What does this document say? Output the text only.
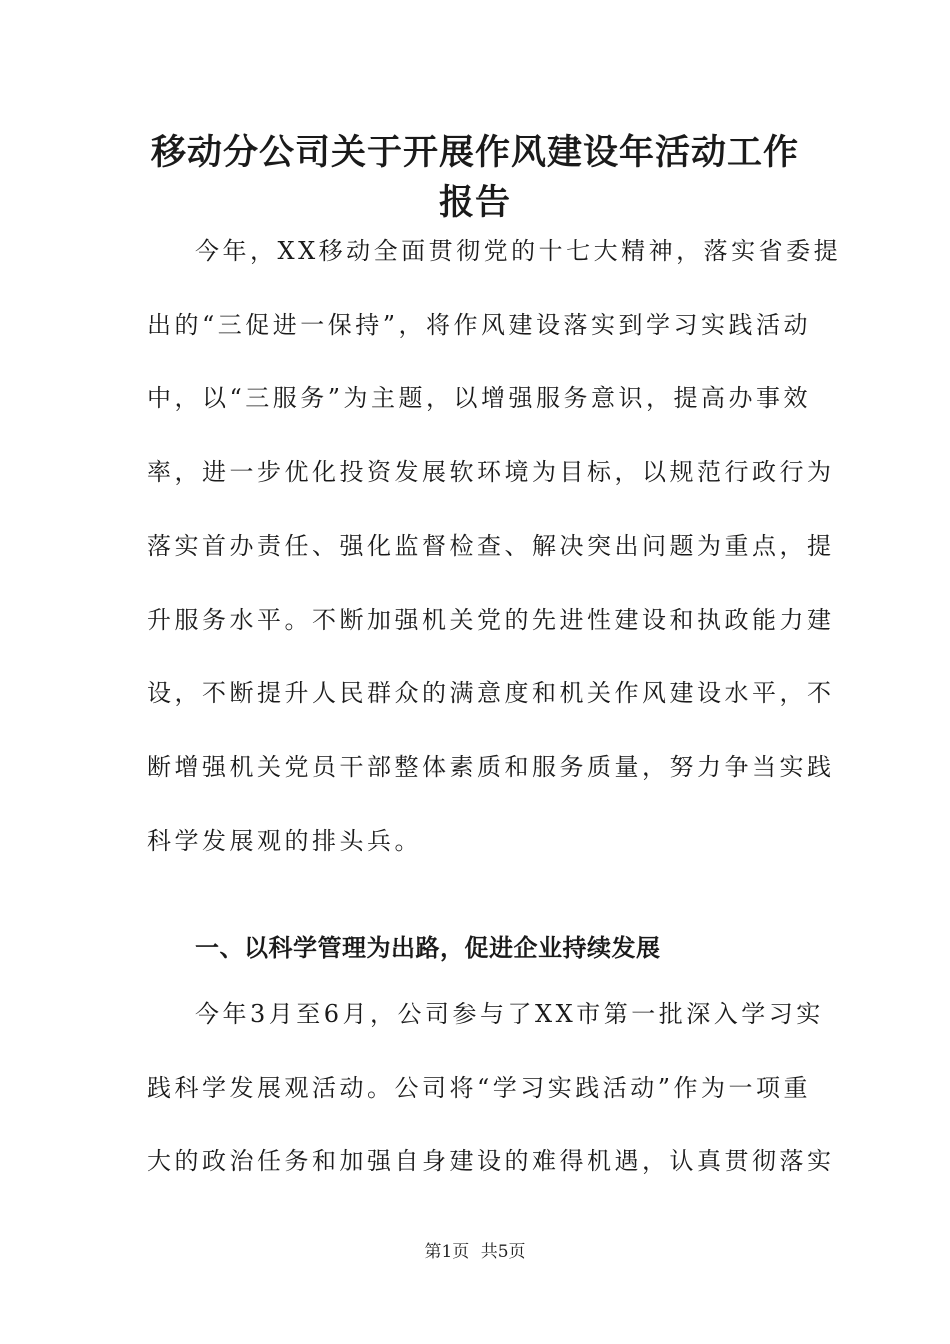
移动分公司关于开展作风建设年活动工作
报告
今年，XX移动全面贯彻党的十七大精神，落实省委提
出的“三促进一保持”，将作风建设落实到学习实践活动
中，以“三服务”为主题，以增强服务意识，提高办事效
率，进一步优化投资发展软环境为目标，以规范行政行为
落实首办责任、强化监督检查、解决突出问题为重点，提
升服务水平。不断加强机关党的先进性建设和执政能力建
设，不断提升人民群众的满意度和机关作风建设水平，不
断增强机关党员干部整体素质和服务质量，努力争当实践
科学发展观的排头兵。
一、以科学管理为出路，促进企业持续发展
今年3月至6月，公司参与了XX市第一批深入学习实
践科学发展观活动。公司将“学习实践活动”作为一项重
大的政治任务和加强自身建设的难得机遇，认真贯彻落实
第1页 共5页
